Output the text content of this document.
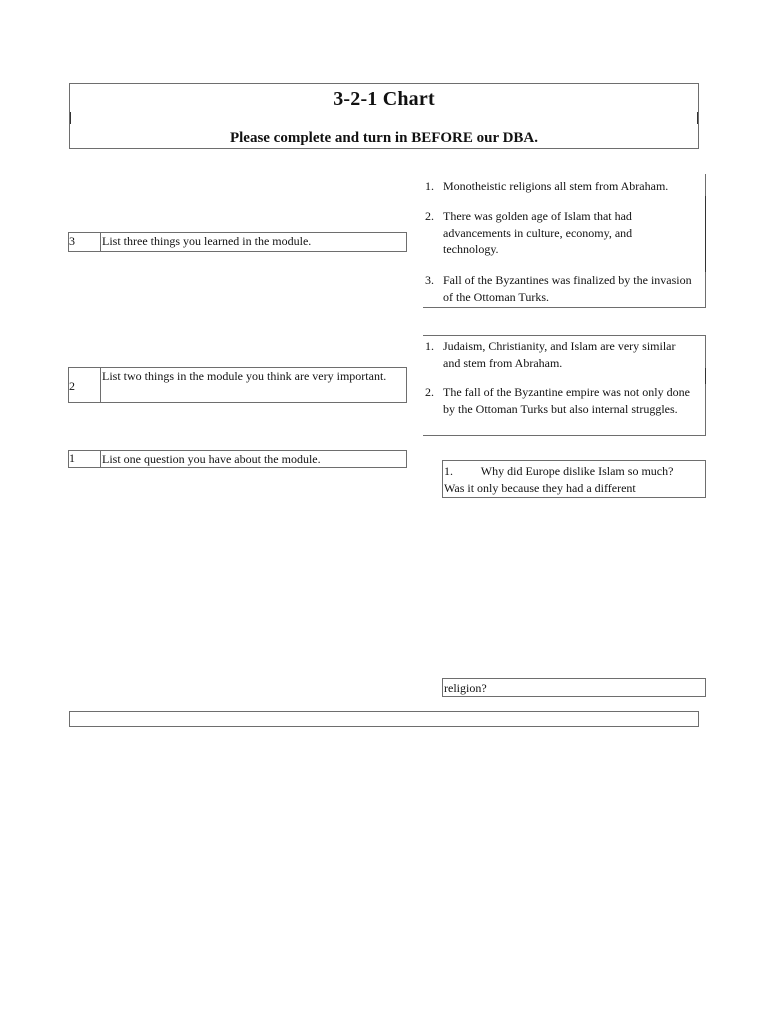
3-2-1 Chart
Please complete and turn in BEFORE our DBA.
3	List three things you learned in the module.
1. Monotheistic religions all stem from Abraham.
2. There was golden age of Islam that had advancements in culture, economy, and technology.
3. Fall of the Byzantines was finalized by the invasion of the Ottoman Turks.
2
List two things in the module you think are very important.
1. Judaism, Christianity, and Islam are very similar and stem from Abraham.
2. The fall of the Byzantine empire was not only done by the Ottoman Turks but also internal struggles.
1	List one question you have about the module.
1. Why did Europe dislike Islam so much?
Was it only because they had a different
religion?
